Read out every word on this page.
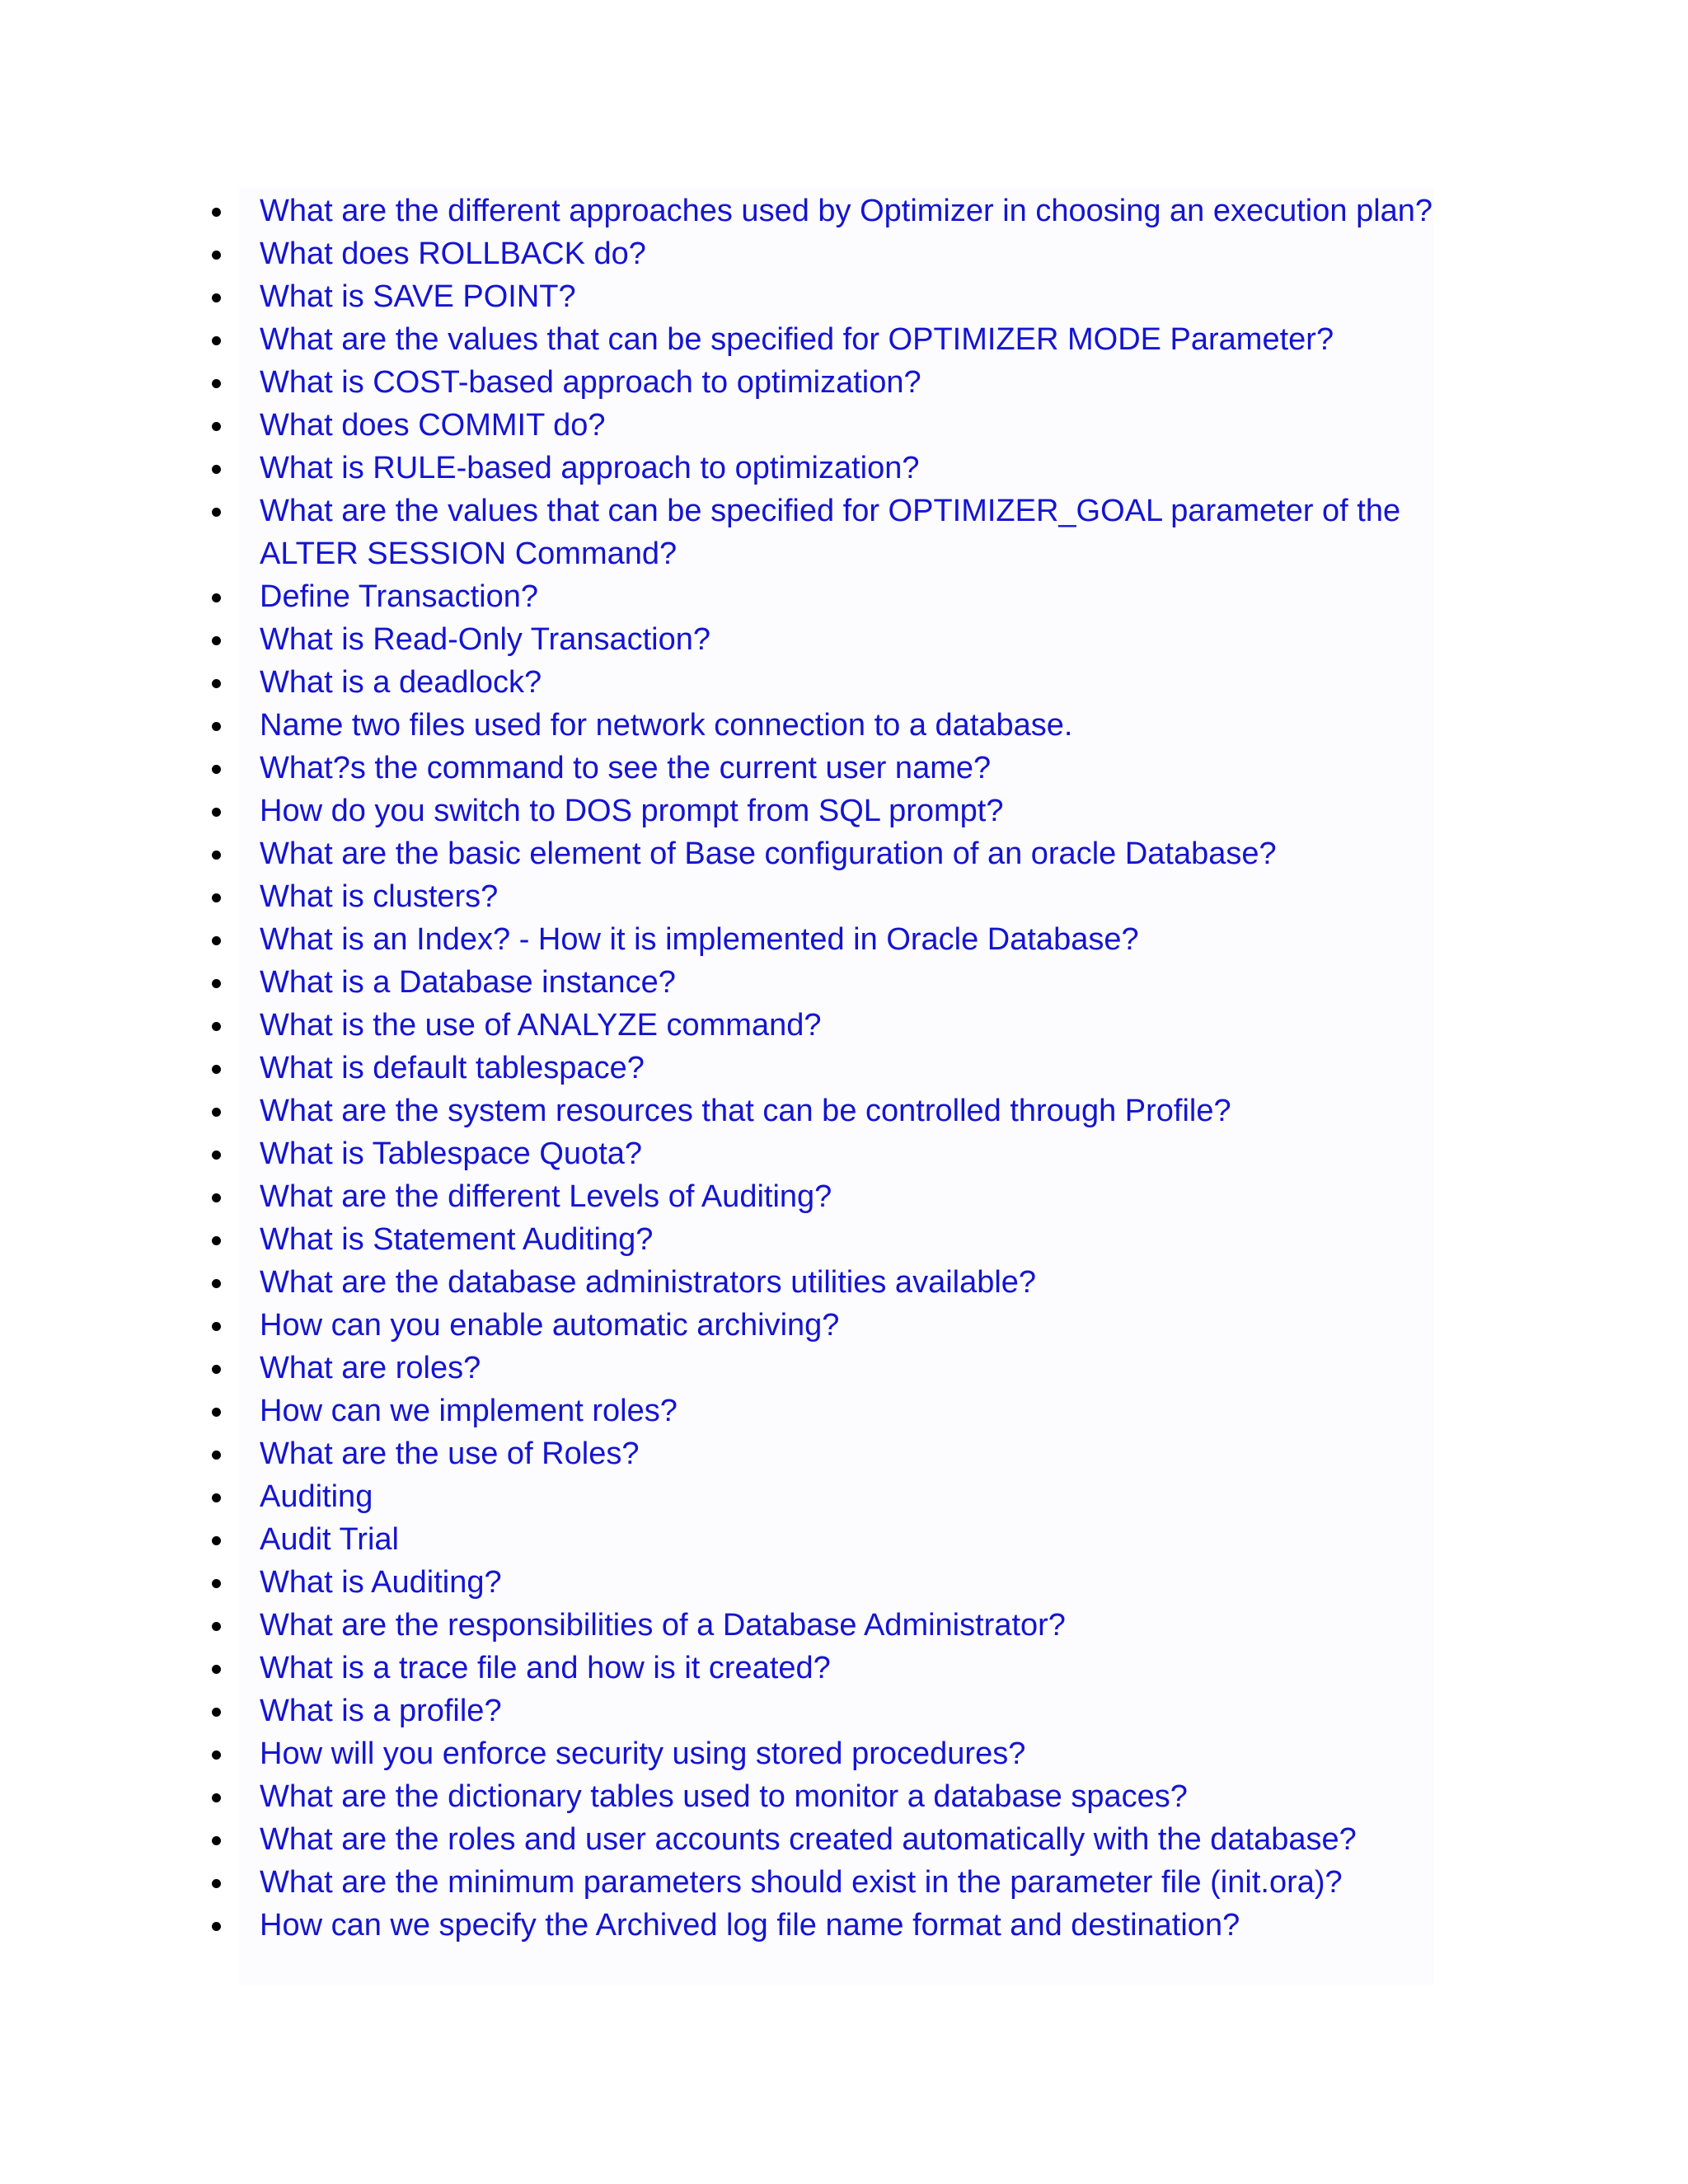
What are the different approaches used by Optimizer in choosing an execution plan?
What does ROLLBACK do?
What is SAVE POINT?
What are the values that can be specified for OPTIMIZER MODE Parameter?
What is COST-based approach to optimization?
What does COMMIT do?
What is RULE-based approach to optimization?
What are the values that can be specified for OPTIMIZER_GOAL parameter of the ALTER SESSION Command?
Define Transaction?
What is Read-Only Transaction?
What is a deadlock?
Name two files used for network connection to a database.
What?s the command to see the current user name?
How do you switch to DOS prompt from SQL prompt?
What are the basic element of Base configuration of an oracle Database?
What is clusters?
What is an Index? - How it is implemented in Oracle Database?
What is a Database instance?
What is the use of ANALYZE command?
What is default tablespace?
What are the system resources that can be controlled through Profile?
What is Tablespace Quota?
What are the different Levels of Auditing?
What is Statement Auditing?
What are the database administrators utilities available?
How can you enable automatic archiving?
What are roles?
How can we implement roles?
What are the use of Roles?
Auditing
Audit Trial
What is Auditing?
What are the responsibilities of a Database Administrator?
What is a trace file and how is it created?
What is a profile?
How will you enforce security using stored procedures?
What are the dictionary tables used to monitor a database spaces?
What are the roles and user accounts created automatically with the database?
What are the minimum parameters should exist in the parameter file (init.ora)?
How can we specify the Archived log file name format and destination?
